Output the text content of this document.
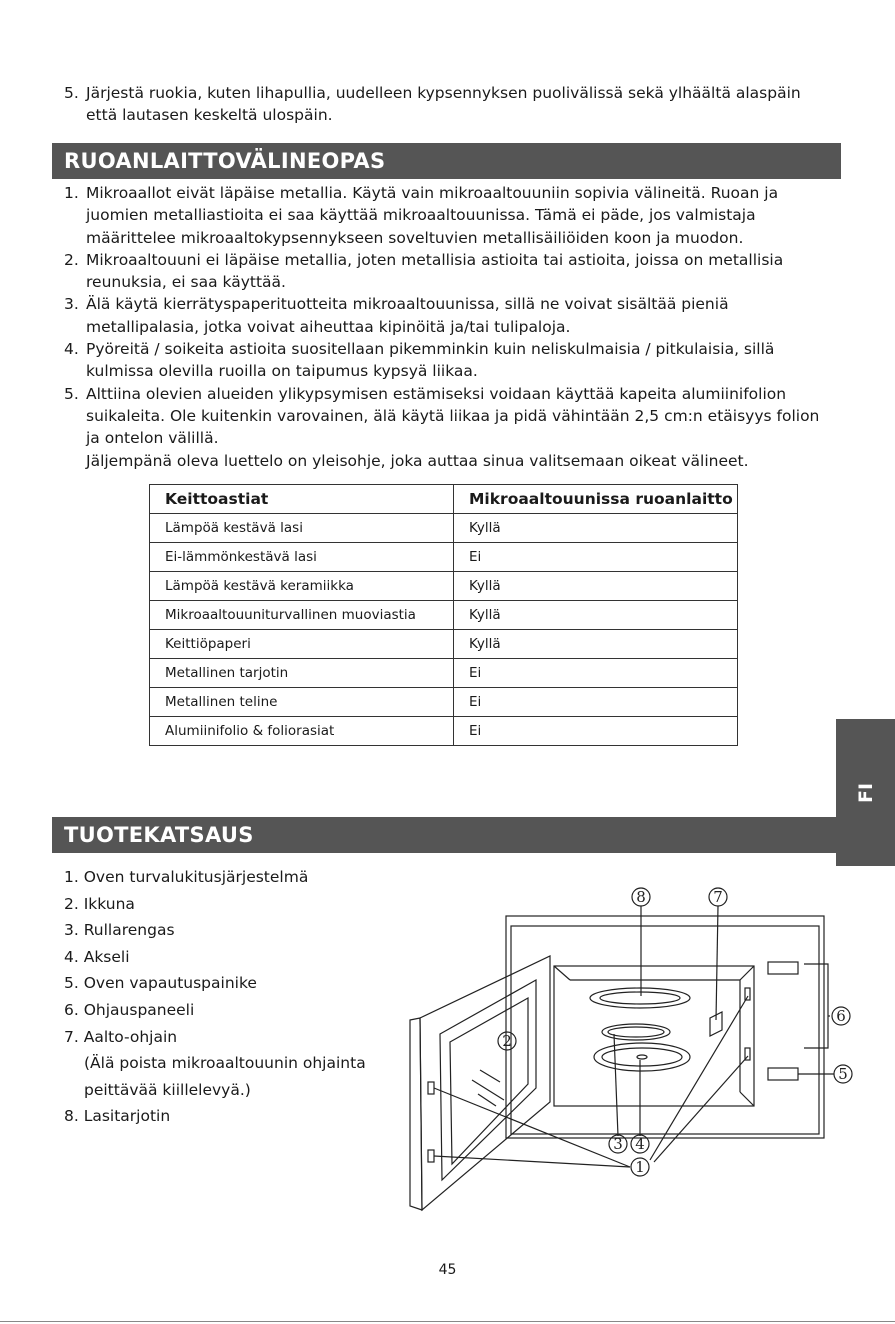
5. Järjestä ruokia, kuten lihapullia, uudelleen kypsennyksen puolivälissä sekä ylhäältä alaspäin että lautasen keskeltä ulospäin.
RUOANLAITTOVÄLINEOPAS
1. Mikroaallot eivät läpäise metallia. Käytä vain mikroaaltouuniin sopivia välineitä. Ruoan ja juomien metalliastioita ei saa käyttää mikroaaltouunissa. Tämä ei päde, jos valmistaja määrittelee mikroaaltokypsennykseen soveltuvien metallisäiliöiden koon ja muodon.
2. Mikroaaltouuni ei läpäise metallia, joten metallisia astioita tai astioita, joissa on metallisia reunuksia, ei saa käyttää.
3. Älä käytä kierrätyspaperituotteita mikroaaltouunissa, sillä ne voivat sisältää pieniä metallipalasia, jotka voivat aiheuttaa kipinöitä ja/tai tulipaloja.
4. Pyöreitä / soikeita astioita suositellaan pikemminkin kuin neliskulmaisia / pitkulaisia, sillä kulmissa olevilla ruoilla on taipumus kypsyä liikaa.
5. Alttiina olevien alueiden ylikypsymisen estämiseksi voidaan käyttää kapeita alumiinifolion suikaleita. Ole kuitenkin varovainen, älä käytä liikaa ja pidä vähintään 2,5 cm:n etäisyys folion ja ontelon välillä.
Jäljempänä oleva luettelo on yleisohje, joka auttaa sinua valitsemaan oikeat välineet.
Keittoastiat	Mikroaaltouunissa ruoanlaitto
Lämpöä kestävä lasi	Kyllä
Ei-lämmönkestävä lasi	Ei
Lämpöä kestävä keramiikka	Kyllä
Mikroaaltouuniturvallinen muoviastia	Kyllä
Keittiöpaperi	Kyllä
Metallinen tarjotin	Ei
Metallinen teline	Ei
Alumiinifolio & foliorasiat	Ei
FI
TUOTEKATSAUS
1. Oven turvalukitusjärjestelmä
2. Ikkuna
3. Rullarengas
4. Akseli
5. Oven vapautuspainike
6. Ohjauspaneeli
7. Aalto-ohjain
(Älä poista mikroaaltouunin ohjainta
peittävää kiillelevyä.)
8. Lasitarjotin
8	7
6
5
2
3 4
1
45
